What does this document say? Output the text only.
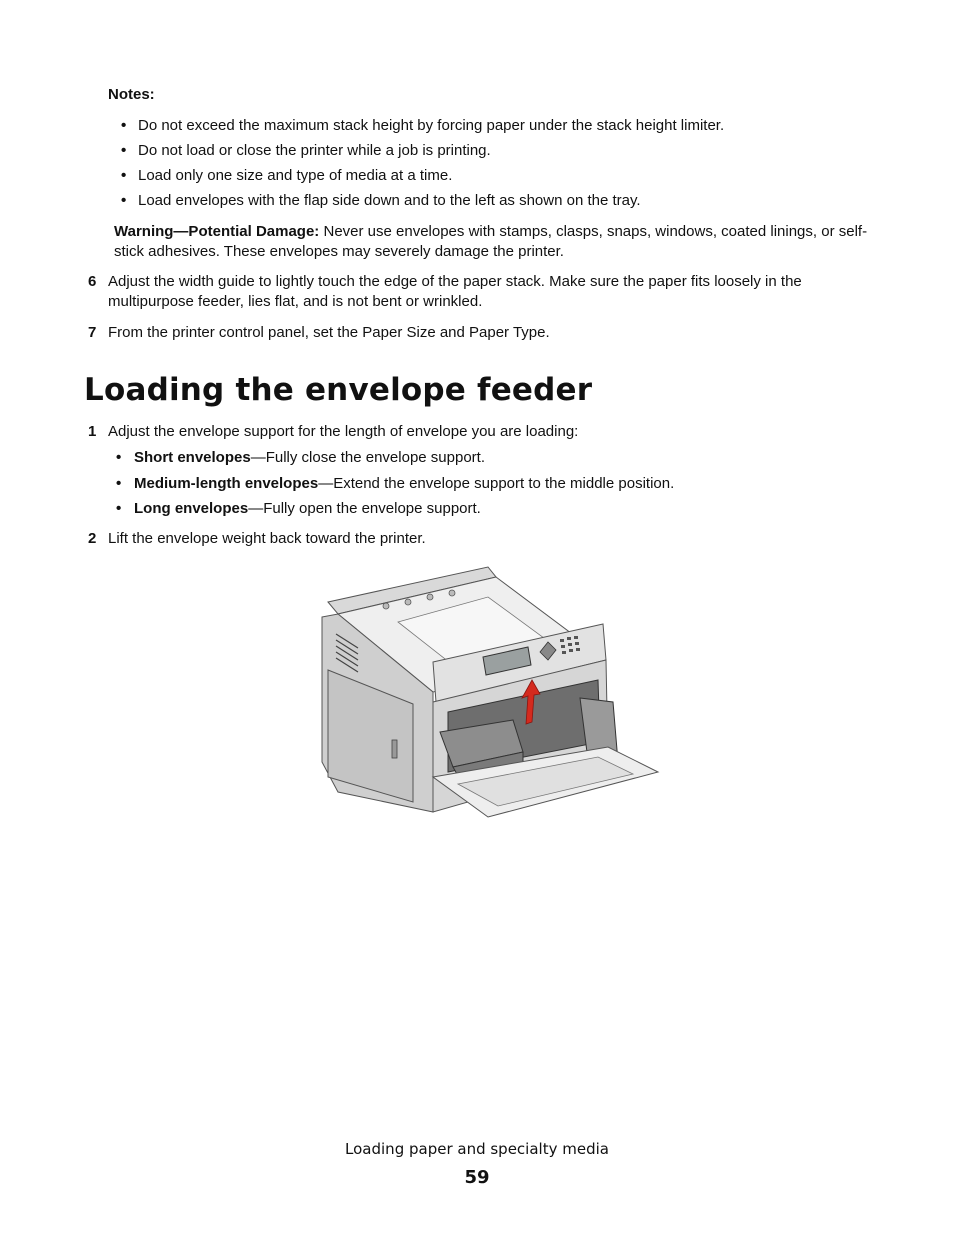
Notes:
• Do not exceed the maximum stack height by forcing paper under the stack height limiter.
• Do not load or close the printer while a job is printing.
• Load only one size and type of media at a time.
• Load envelopes with the flap side down and to the left as shown on the tray.
Warning—Potential Damage: Never use envelopes with stamps, clasps, snaps, windows, coated linings, or self-stick adhesives. These envelopes may severely damage the printer.
6 Adjust the width guide to lightly touch the edge of the paper stack. Make sure the paper fits loosely in the multipurpose feeder, lies flat, and is not bent or wrinkled.
7 From the printer control panel, set the Paper Size and Paper Type.
Loading the envelope feeder
1 Adjust the envelope support for the length of envelope you are loading:
• Short envelopes—Fully close the envelope support.
• Medium-length envelopes—Extend the envelope support to the middle position.
• Long envelopes—Fully open the envelope support.
2 Lift the envelope weight back toward the printer.
Loading paper and specialty media
59
